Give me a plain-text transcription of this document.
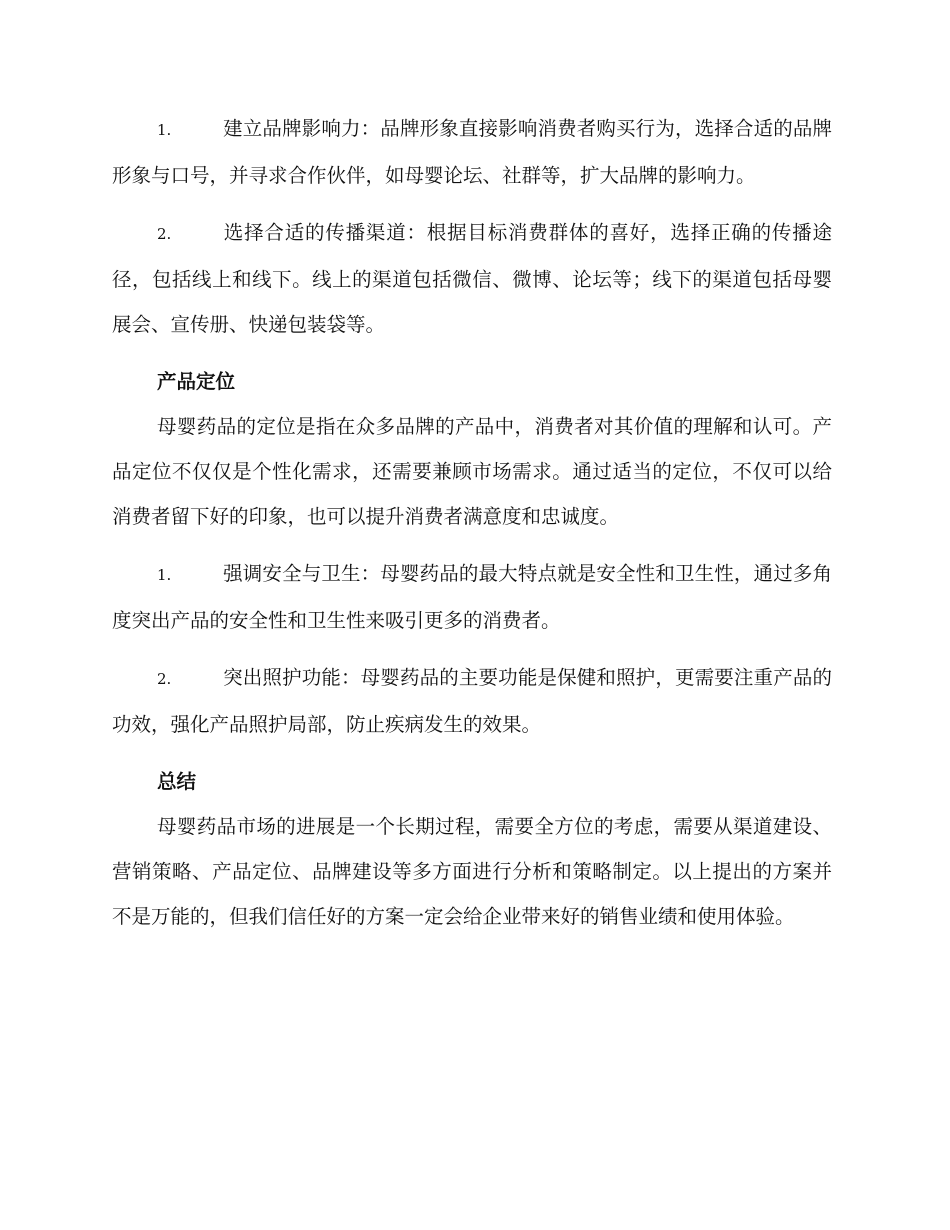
1.	建立品牌影响力：品牌形象直接影响消费者购买行为，选择合适的品牌形象与口号，并寻求合作伙伴，如母婴论坛、社群等，扩大品牌的影响力。

2.	选择合适的传播渠道：根据目标消费群体的喜好，选择正确的传播途径，包括线上和线下。线上的渠道包括微信、微博、论坛等；线下的渠道包括母婴展会、宣传册、快递包装袋等。

产品定位

母婴药品的定位是指在众多品牌的产品中，消费者对其价值的理解和认可。产品定位不仅仅是个性化需求，还需要兼顾市场需求。通过适当的定位，不仅可以给消费者留下好的印象，也可以提升消费者满意度和忠诚度。

1.	强调安全与卫生：母婴药品的最大特点就是安全性和卫生性，通过多角度突出产品的安全性和卫生性来吸引更多的消费者。

2.	突出照护功能：母婴药品的主要功能是保健和照护，更需要注重产品的功效，强化产品照护局部，防止疾病发生的效果。

总结

母婴药品市场的进展是一个长期过程，需要全方位的考虑，需要从渠道建设、营销策略、产品定位、品牌建设等多方面进行分析和策略制定。以上提出的方案并不是万能的，但我们信任好的方案一定会给企业带来好的销售业绩和使用体验。
